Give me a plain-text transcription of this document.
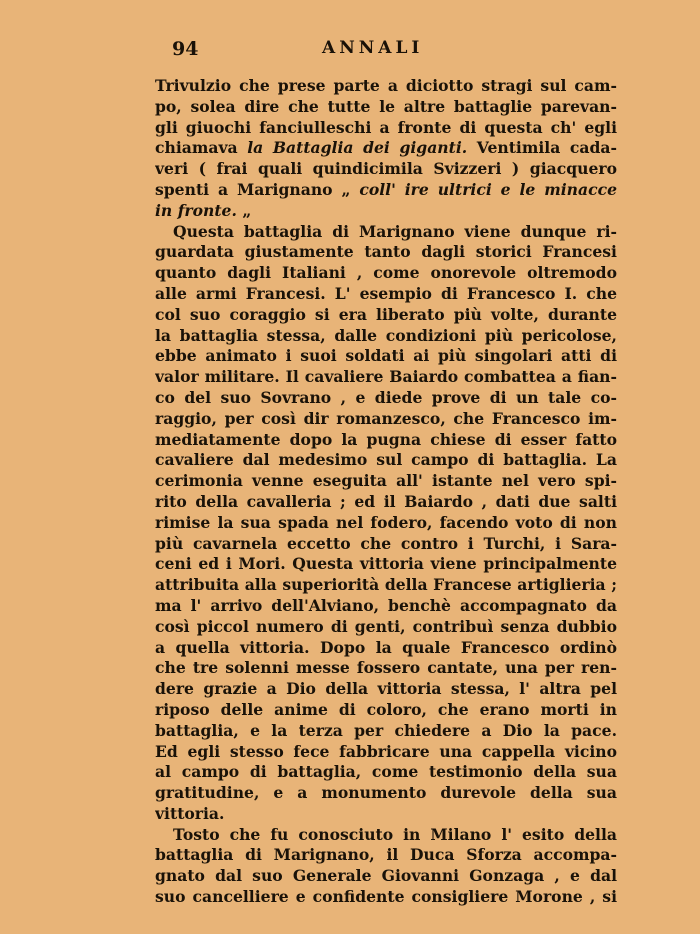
94	ANNALI
Trivulzio che prese parte a diciotto stragi sul cam-
po, solea dire che tutte le altre battaglie parevan-
gli giuochi fanciulleschi a fronte di questa ch' egli
chiamava la Battaglia dei giganti. Ventimila cada-
veri ( frai quali quindicimila Svizzeri ) giacquero
spenti a Marignano „ coll' ire ultrici e le minacce
in fronte. „
Questa battaglia di Marignano viene dunque ri-
guardata giustamente tanto dagli storici Francesi
quanto dagli Italiani , come onorevole oltremodo
alle armi Francesi. L' esempio di Francesco I. che
col suo coraggio si era liberato più volte, durante
la battaglia stessa, dalle condizioni più pericolose,
ebbe animato i suoi soldati ai più singolari atti di
valor militare. Il cavaliere Baiardo combattea a fian-
co del suo Sovrano , e diede prove di un tale co-
raggio, per così dir romanzesco, che Francesco im-
mediatamente dopo la pugna chiese di esser fatto
cavaliere dal medesimo sul campo di battaglia. La
cerimonia venne eseguita all' istante nel vero spi-
rito della cavalleria ; ed il Baiardo , dati due salti
rimise la sua spada nel fodero, facendo voto di non
più cavarnela eccetto che contro i Turchi, i Sara-
ceni ed i Mori. Questa vittoria viene principalmente
attribuita alla superiorità della Francese artiglieria ;
ma l' arrivo dell'Alviano, benchè accompagnato da
così piccol numero di genti, contribuì senza dubbio
a quella vittoria. Dopo la quale Francesco ordinò
che tre solenni messe fossero cantate, una per ren-
dere grazie a Dio della vittoria stessa, l' altra pel
riposo delle anime di coloro, che erano morti in
battaglia, e la terza per chiedere a Dio la pace.
Ed egli stesso fece fabbricare una cappella vicino
al campo di battaglia, come testimonio della sua
gratitudine, e a monumento durevole della sua
vittoria.
Tosto che fu conosciuto in Milano l' esito della
battaglia di Marignano, il Duca Sforza accompa-
gnato dal suo Generale Giovanni Gonzaga , e dal
suo cancelliere e confidente consigliere Morone , si
